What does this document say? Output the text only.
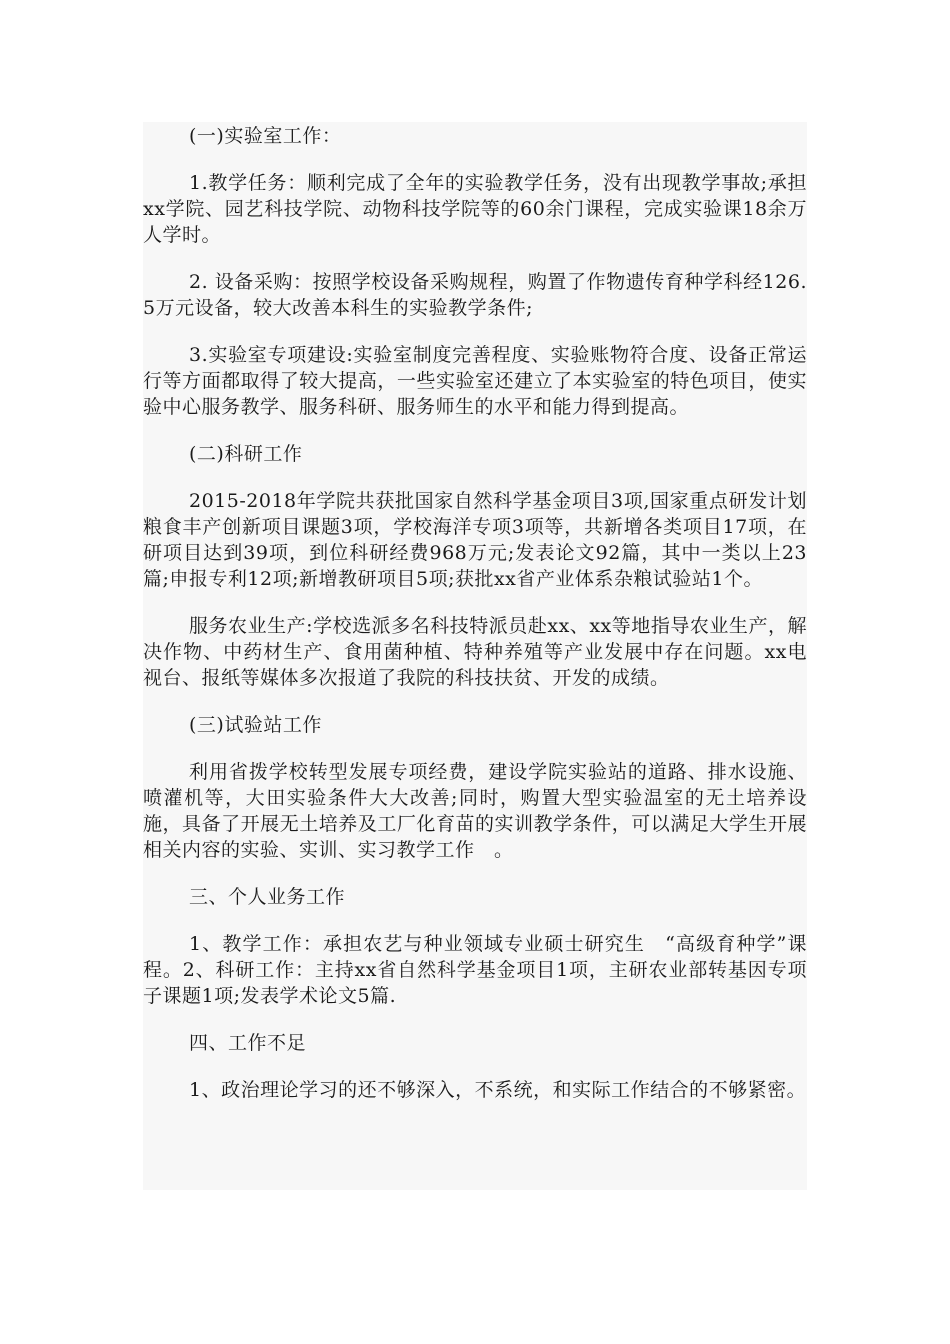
(一)实验室工作：

1.教学任务：顺利完成了全年的实验教学任务，没有出现教学事故;承担xx学院、园艺科技学院、动物科技学院等的60余门课程，完成实验课18余万人学时。

2. 设备采购：按照学校设备采购规程，购置了作物遗传育种学科经126.5万元设备，较大改善本科生的实验教学条件;

3.实验室专项建设:实验室制度完善程度、实验账物符合度、设备正常运行等方面都取得了较大提高，一些实验室还建立了本实验室的特色项目，使实验中心服务教学、服务科研、服务师生的水平和能力得到提高。

(二)科研工作

2015-2018年学院共获批国家自然科学基金项目3项,国家重点研发计划粮食丰产创新项目课题3项，学校海洋专项3项等，共新增各类项目17项，在研项目达到39项，到位科研经费968万元;发表论文92篇，其中一类以上23篇;申报专利12项;新增教研项目5项;获批xx省产业体系杂粮试验站1个。

服务农业生产:学校选派多名科技特派员赴xx、xx等地指导农业生产，解决作物、中药材生产、食用菌种植、特种养殖等产业发展中存在问题。xx电视台、报纸等媒体多次报道了我院的科技扶贫、开发的成绩。

(三)试验站工作

利用省拨学校转型发展专项经费，建设学院实验站的道路、排水设施、喷灌机等，大田实验条件大大改善;同时，购置大型实验温室的无土培养设施，具备了开展无土培养及工厂化育苗的实训教学条件，可以满足大学生开展相关内容的实验、实训、实习教学工作　。

三、个人业务工作

1、教学工作：承担农艺与种业领域专业硕士研究生　“高级育种学”课程。2、科研工作：主持xx省自然科学基金项目1项，主研农业部转基因专项子课题1项;发表学术论文5篇.

四、工作不足

1、政治理论学习的还不够深入，不系统，和实际工作结合的不够紧密。
